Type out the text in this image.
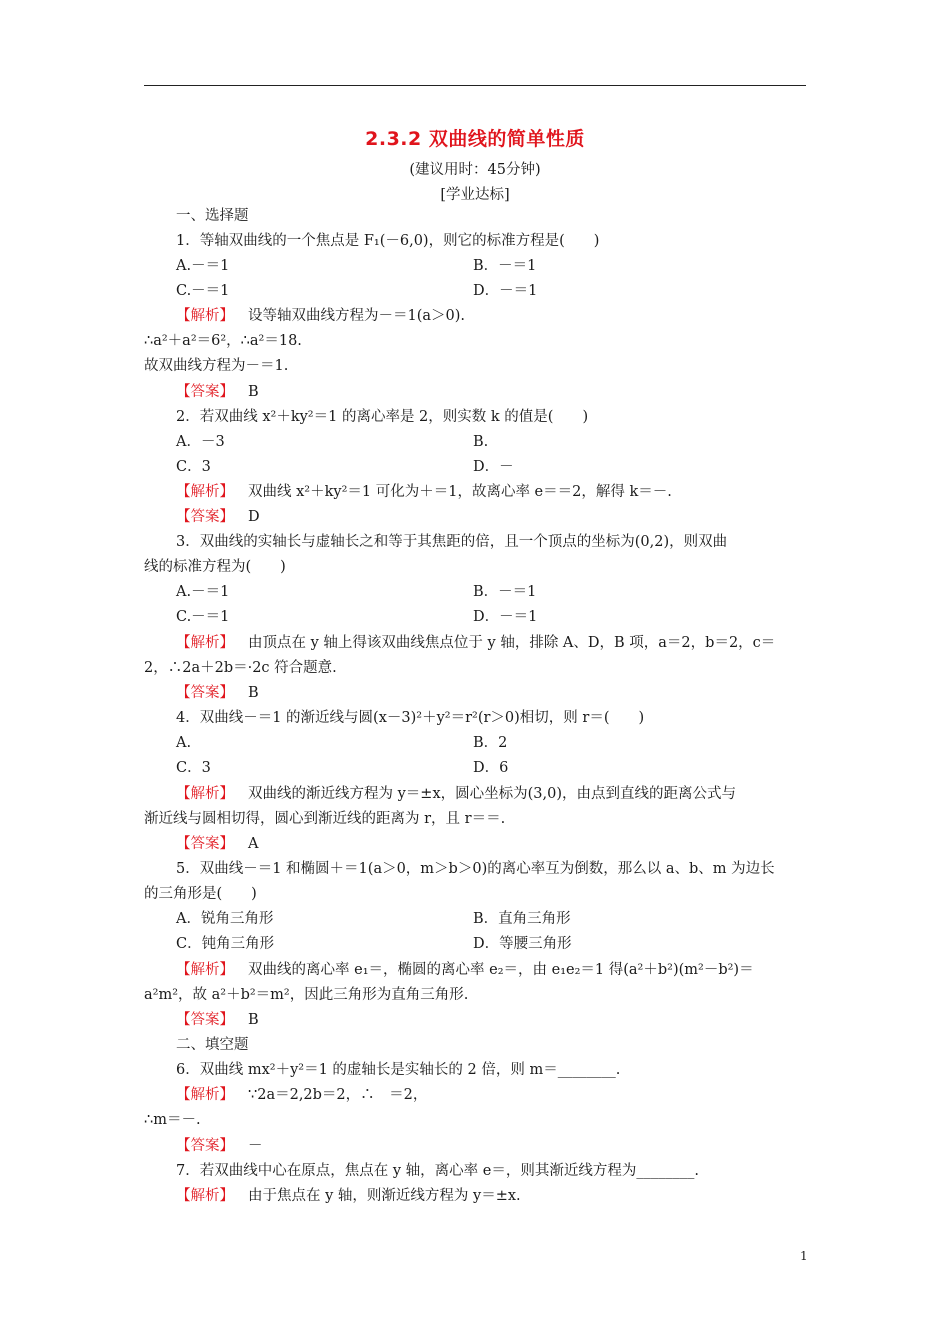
2.3.2 双曲线的简单性质
(建议用时：45分钟)
[学业达标]
一、选择题
1．等轴双曲线的一个焦点是 F₁(－6,0)，则它的标准方程是(　　)
A.－＝1	B．－＝1
C.－＝1	D．－＝1
【解析】 设等轴双曲线方程为－＝1(a＞0).
∴a²＋a²＝6²，∴a²＝18.
故双曲线方程为－＝1.
【答案】 B
2．若双曲线 x²＋ky²＝1 的离心率是 2，则实数 k 的值是(　　)
A．－3	B.
C．3	D．－
【解析】 双曲线 x²＋ky²＝1 可化为＋＝1，故离心率 e＝＝2，解得 k＝－.
【答案】 D
3．双曲线的实轴长与虚轴长之和等于其焦距的倍，且一个顶点的坐标为(0,2)，则双曲
线的标准方程为(　　)
A.－＝1	B．－＝1
C.－＝1	D．－＝1
【解析】 由顶点在 y 轴上得该双曲线焦点位于 y 轴，排除 A、D，B 项，a＝2，b＝2，c＝
2，∴2a＋2b＝·2c 符合题意.
【答案】 B
4．双曲线－＝1 的渐近线与圆(x－3)²＋y²＝r²(r＞0)相切，则 r＝(　　)
A.	B．2
C．3	D．6
【解析】 双曲线的渐近线方程为 y＝±x，圆心坐标为(3,0)，由点到直线的距离公式与
渐近线与圆相切得，圆心到渐近线的距离为 r，且 r＝＝.
【答案】 A
5．双曲线－＝1 和椭圆＋＝1(a＞0，m＞b＞0)的离心率互为倒数，那么以 a、b、m 为边长
的三角形是(　　)
A．锐角三角形	B．直角三角形
C．钝角三角形	D．等腰三角形
【解析】 双曲线的离心率 e₁＝，椭圆的离心率 e₂＝，由 e₁e₂＝1 得(a²＋b²)(m²－b²)＝
a²m²，故 a²＋b²＝m²，因此三角形为直角三角形.
【答案】 B
二、填空题
6．双曲线 mx²＋y²＝1 的虚轴长是实轴长的 2 倍，则 m＝________.
【解析】 ∵2a＝2,2b＝2，∴　＝2，
∴m＝－.
【答案】 －
7．若双曲线中心在原点，焦点在 y 轴，离心率 e＝，则其渐近线方程为________.
【解析】 由于焦点在 y 轴，则渐近线方程为 y＝±x.
1
